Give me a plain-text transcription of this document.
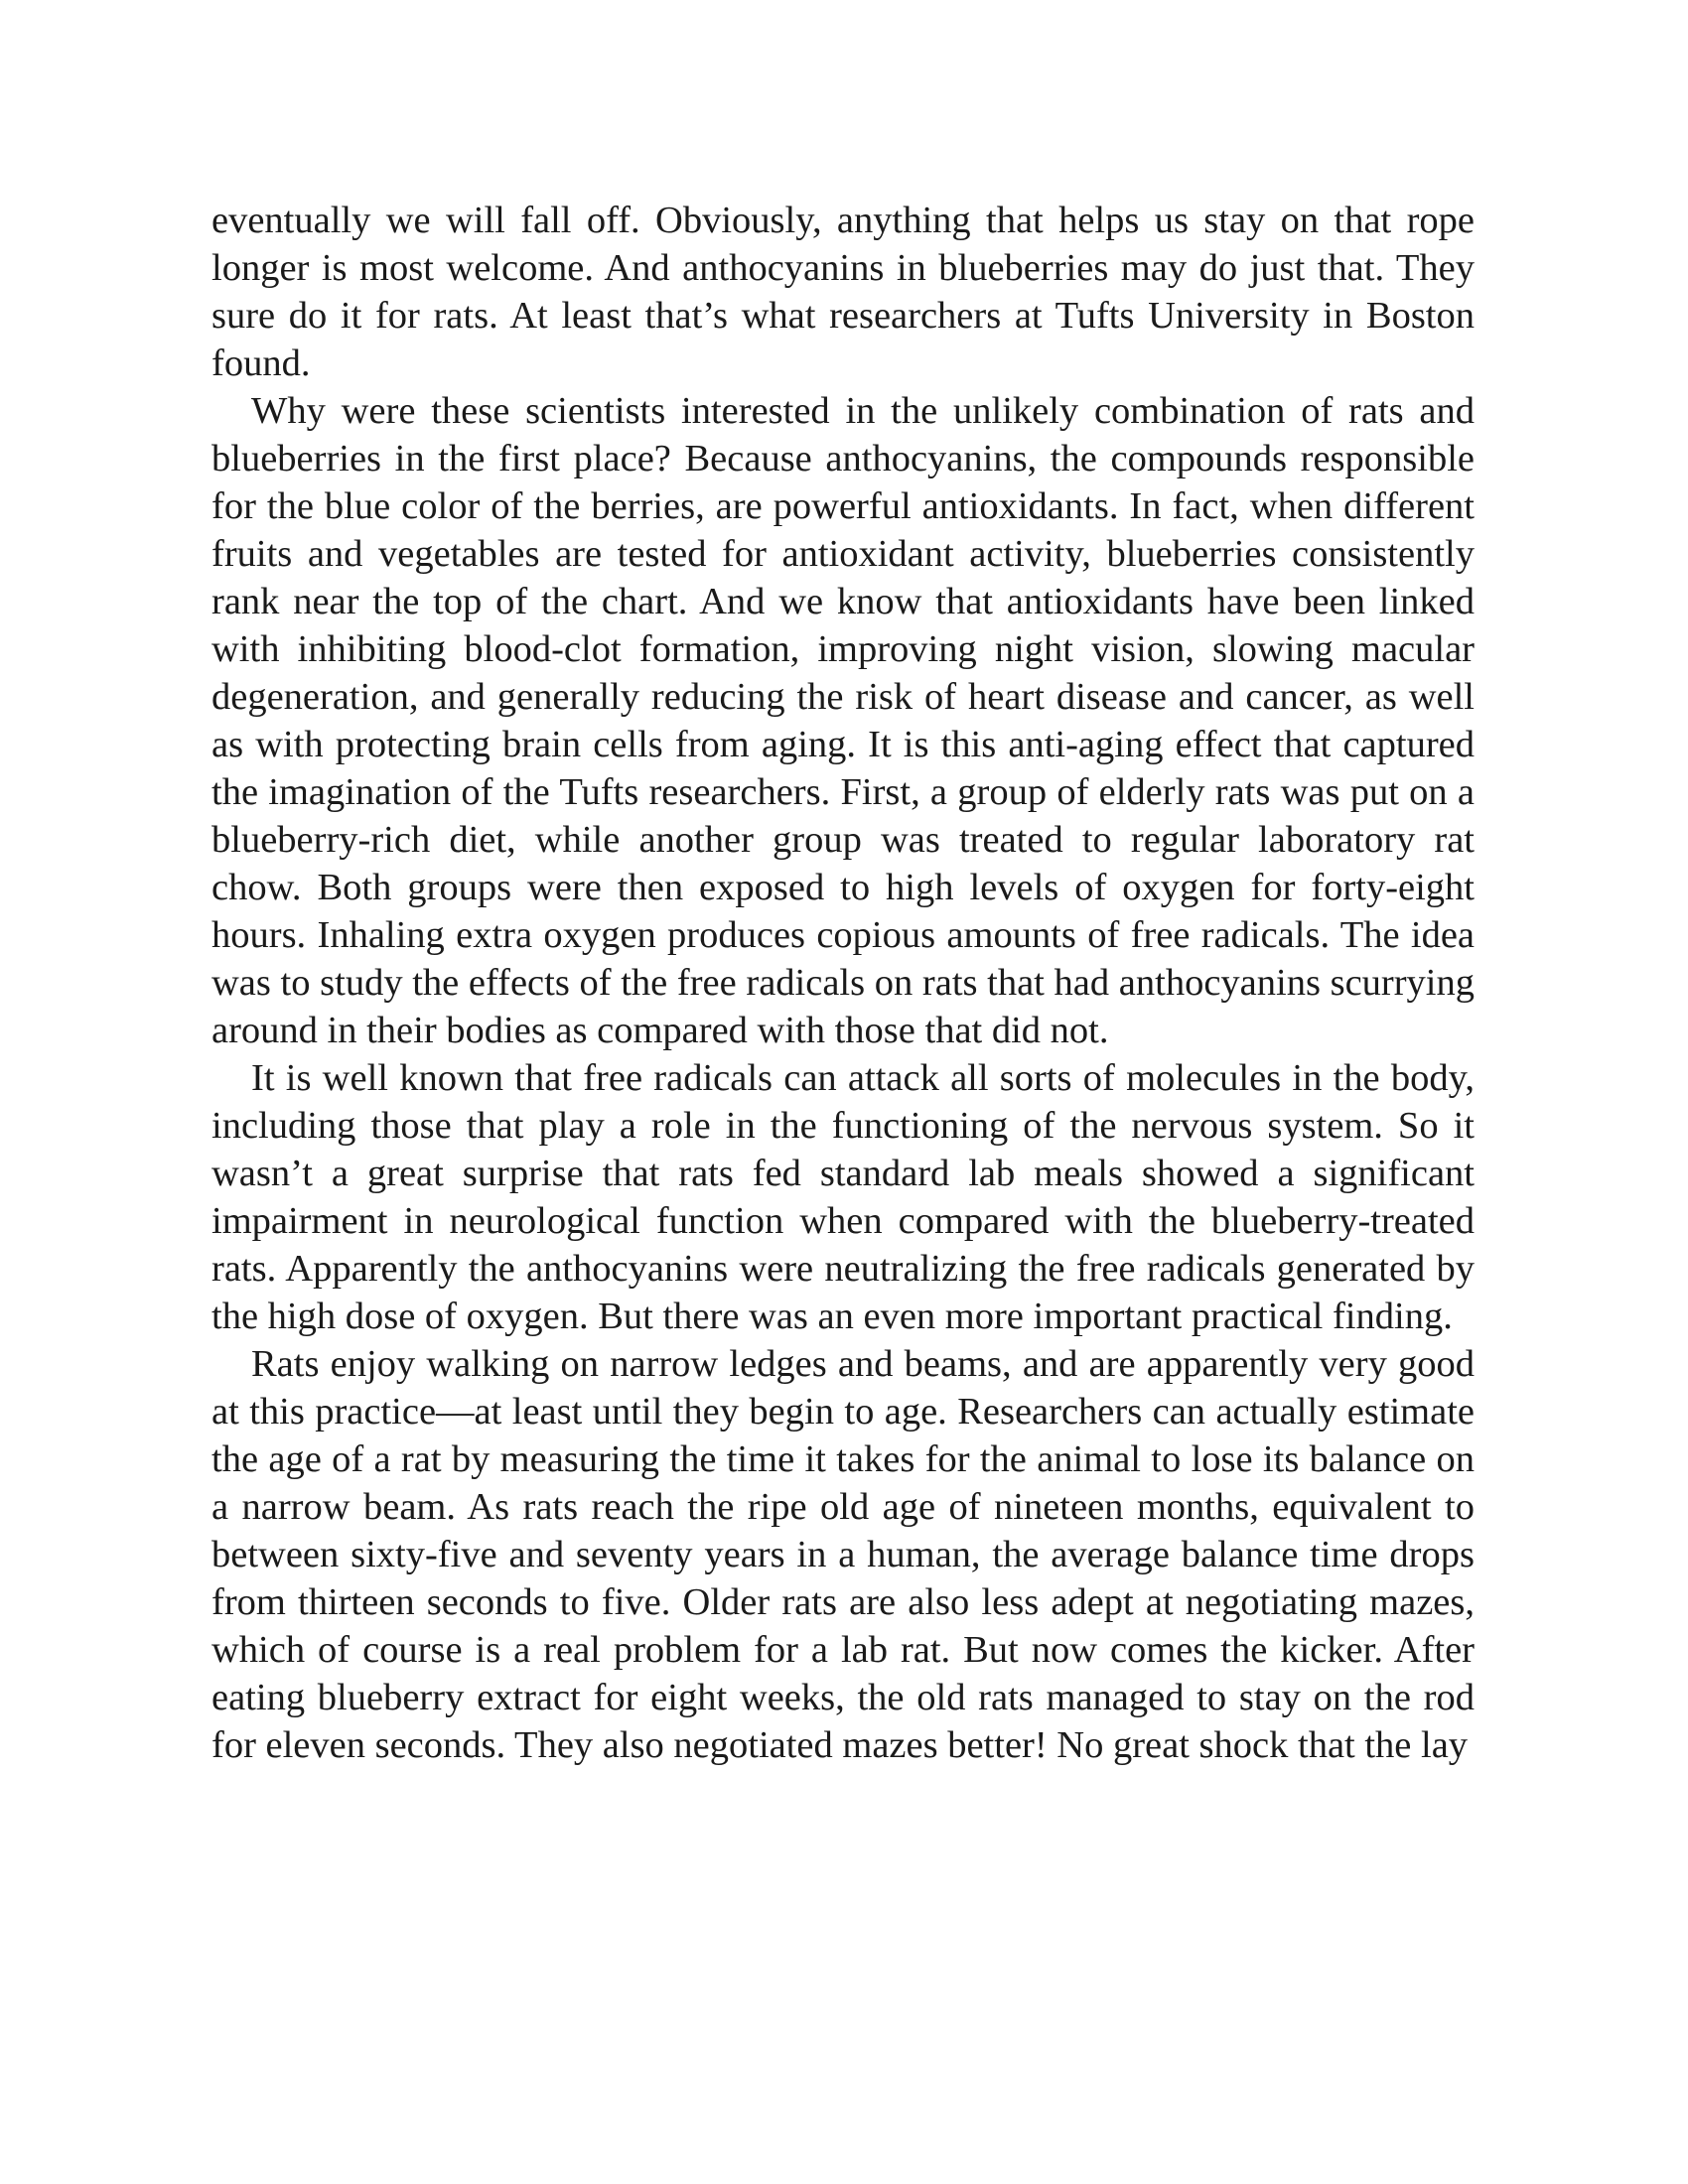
eventually we will fall off. Obviously, anything that helps us stay on that rope longer is most welcome. And anthocyanins in blueberries may do just that. They sure do it for rats. At least that’s what researchers at Tufts University in Boston found.

Why were these scientists interested in the unlikely combination of rats and blueberries in the first place? Because anthocyanins, the compounds responsible for the blue color of the berries, are powerful antioxidants. In fact, when different fruits and vegetables are tested for antioxidant activity, blueberries consistently rank near the top of the chart. And we know that antioxidants have been linked with inhibiting blood-clot formation, improving night vision, slowing macular degeneration, and generally reducing the risk of heart disease and cancer, as well as with protecting brain cells from aging. It is this anti-aging effect that captured the imagination of the Tufts researchers. First, a group of elderly rats was put on a blueberry-rich diet, while another group was treated to regular laboratory rat chow. Both groups were then exposed to high levels of oxygen for forty-eight hours. Inhaling extra oxygen produces copious amounts of free radicals. The idea was to study the effects of the free radicals on rats that had anthocyanins scurrying around in their bodies as compared with those that did not.

It is well known that free radicals can attack all sorts of molecules in the body, including those that play a role in the functioning of the nervous system. So it wasn’t a great surprise that rats fed standard lab meals showed a significant impairment in neurological function when compared with the blueberry-treated rats. Apparently the anthocyanins were neutralizing the free radicals generated by the high dose of oxygen. But there was an even more important practical finding.

Rats enjoy walking on narrow ledges and beams, and are apparently very good at this practice—at least until they begin to age. Researchers can actually estimate the age of a rat by measuring the time it takes for the animal to lose its balance on a narrow beam. As rats reach the ripe old age of nineteen months, equivalent to between sixty-five and seventy years in a human, the average balance time drops from thirteen seconds to five. Older rats are also less adept at negotiating mazes, which of course is a real problem for a lab rat. But now comes the kicker. After eating blueberry extract for eight weeks, the old rats managed to stay on the rod for eleven seconds. They also negotiated mazes better! No great shock that the lay
